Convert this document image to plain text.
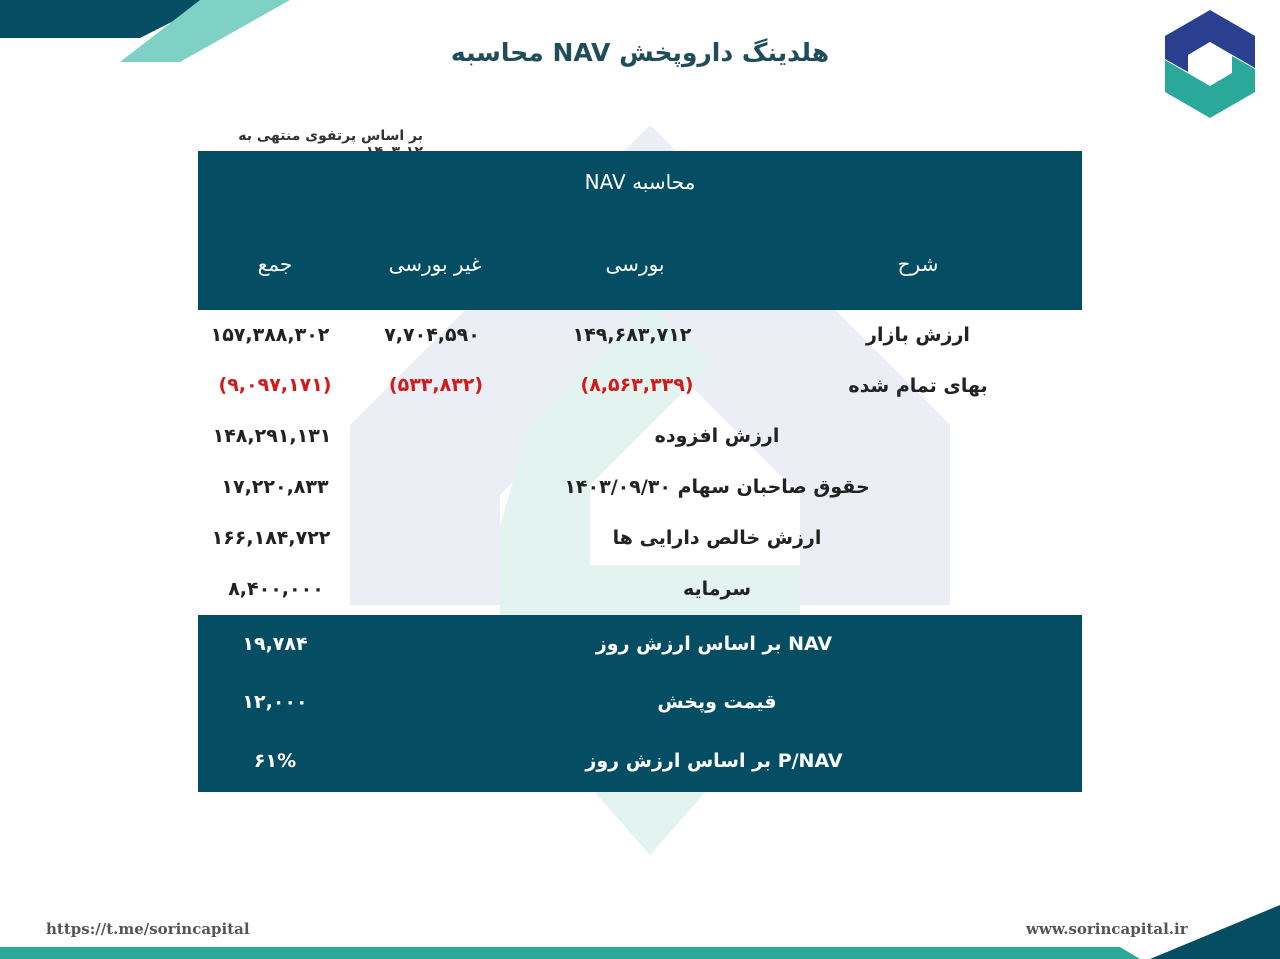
محاسبه NAV هلدینگ داروپخش
بر اساس پرتفوی منتهی به
محاسبه NAV
شرح
بورسی
غیر بورسی
جمع
ارزش بازار
۱۴۹,۶۸۳,۷۱۲
۷,۷۰۴,۵۹۰
۱۵۷,۳۸۸,۳۰۲
بهای تمام شده
(۸,۵۶۳,۳۳۹)
(۵۳۳,۸۳۲)
(۹,۰۹۷,۱۷۱)
ارزش افزوده
۱۴۸,۲۹۱,۱۳۱
حقوق صاحبان سهام ۱۴۰۳/۰۹/۳۰
۱۷,۲۲۰,۸۳۳
ارزش خالص دارایی ها
۱۶۶,۱۸۴,۷۲۲
سرمایه
۸,۴۰۰,۰۰۰
NAV بر اساس ارزش روز
۱۹,۷۸۴
قیمت وپخش
۱۲,۰۰۰
P/NAV بر اساس ارزش روز
۶۱%
https://t.me/sorincapital	www.sorincapital.ir
